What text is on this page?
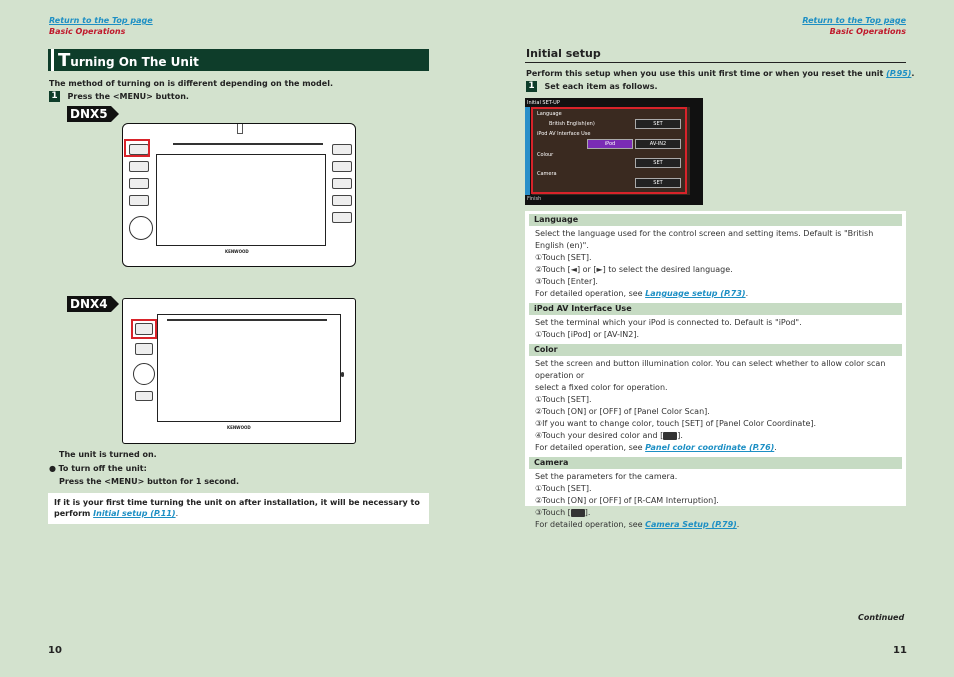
Return to the Top page
Basic Operations
Return to the Top page
Basic Operations
Turning On The Unit
The method of turning on is different depending on the model.
1 Press the <MENU> button.
DNX5
KENWOOD
DNX4
KENWOOD
The unit is turned on.
● To turn off the unit:
Press the <MENU> button for 1 second.
If it is your first time turning the unit on after installation, it will be necessary to perform Initial setup (P.11).
10
Initial setup
Perform this setup when you use this unit first time or when you reset the unit (P.95).
1 Set each item as follows.
Initial SET-UP
Language
British English(en)	SET
iPod AV Interface Use
iPod	AV-IN2
Colour
SET
Camera
SET
Finish
Language
Select the language used for the control screen and setting items. Default is "British English (en)".
①Touch [SET].
②Touch [◄] or [►] to select the desired language.
③Touch [Enter].
For detailed operation, see Language setup (P.73).
iPod AV Interface Use
Set the terminal which your iPod is connected to. Default is "iPod".
①Touch [iPod] or [AV-IN2].
Color
Set the screen and button illumination color. You can select whether to allow color scan operation or
select a fixed color for operation.
①Touch [SET].
②Touch [ON] or [OFF] of [Panel Color Scan].
③If you want to change color, touch [SET] of [Panel Color Coordinate].
④Touch your desired color and [ ].
For detailed operation, see Panel color coordinate (P.76).
Camera
Set the parameters for the camera.
①Touch [SET].
②Touch [ON] or [OFF] of [R-CAM Interruption].
③Touch [ ].
For detailed operation, see Camera Setup (P.79).
Continued
11
